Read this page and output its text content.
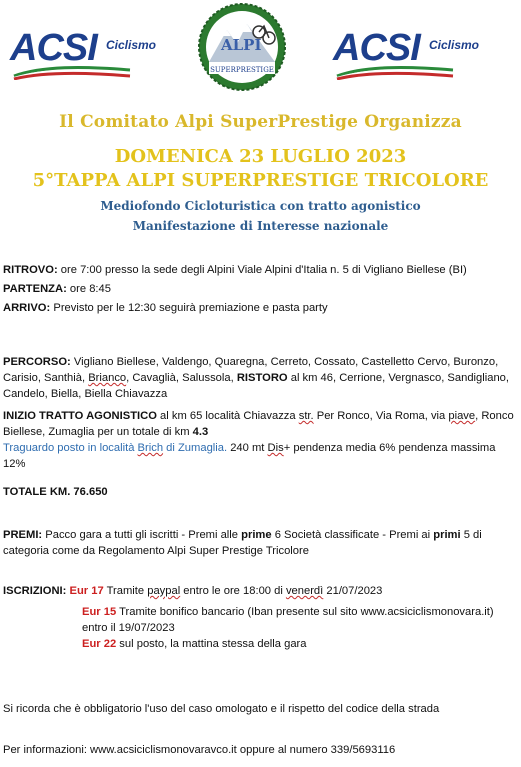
ACSI Ciclismo	ALPI
SUPERPRESTIGE
ACSI Ciclismo
Il Comitato Alpi SuperPrestige Organizza
DOMENICA 23 LUGLIO 2023
5°TAPPA ALPI SUPERPRESTIGE TRICOLORE
Mediofondo Cicloturistica con tratto agonistico
Manifestazione di Interesse nazionale
RITROVO: ore 7:00 presso la sede degli Alpini Viale Alpini d'Italia n. 5 di Vigliano Biellese (BI)
PARTENZA: ore 8:45
ARRIVO: Previsto per le 12:30 seguirà premiazione e pasta party
PERCORSO: Vigliano Biellese, Valdengo, Quaregna, Cerreto, Cossato, Castelletto Cervo, Buronzo, Carisio, Santhià, Brianco, Cavaglià, Salussola, RISTORO al km 46, Cerrione, Vergnasco, Sandigliano, Candelo, Biella, Biella Chiavazza
INIZIO TRATTO AGONISTICO al km 65 località Chiavazza str. Per Ronco, Via Roma, via piave, Ronco Biellese, Zumaglia per un totale di km 4.3
Traguardo posto in località Brich di Zumaglia. 240 mt Dis+ pendenza media 6% pendenza massima 12%
TOTALE KM. 76.650
PREMI: Pacco gara a tutti gli iscritti - Premi alle prime 6 Società classificate - Premi ai primi 5 di categoria come da Regolamento Alpi Super Prestige Tricolore
ISCRIZIONI: Eur 17 Tramite paypal entro le ore 18:00 di venerdì 21/07/2023
Eur 15 Tramite bonifico bancario (Iban presente sul sito www.acsiciclismonovara.it) entro il 19/07/2023
Eur 22 sul posto, la mattina stessa della gara
Si ricorda che è obbligatorio l'uso del caso omologato e il rispetto del codice della strada
Per informazioni: www.acsiciclismonovaravco.it oppure al numero 339/5693116
